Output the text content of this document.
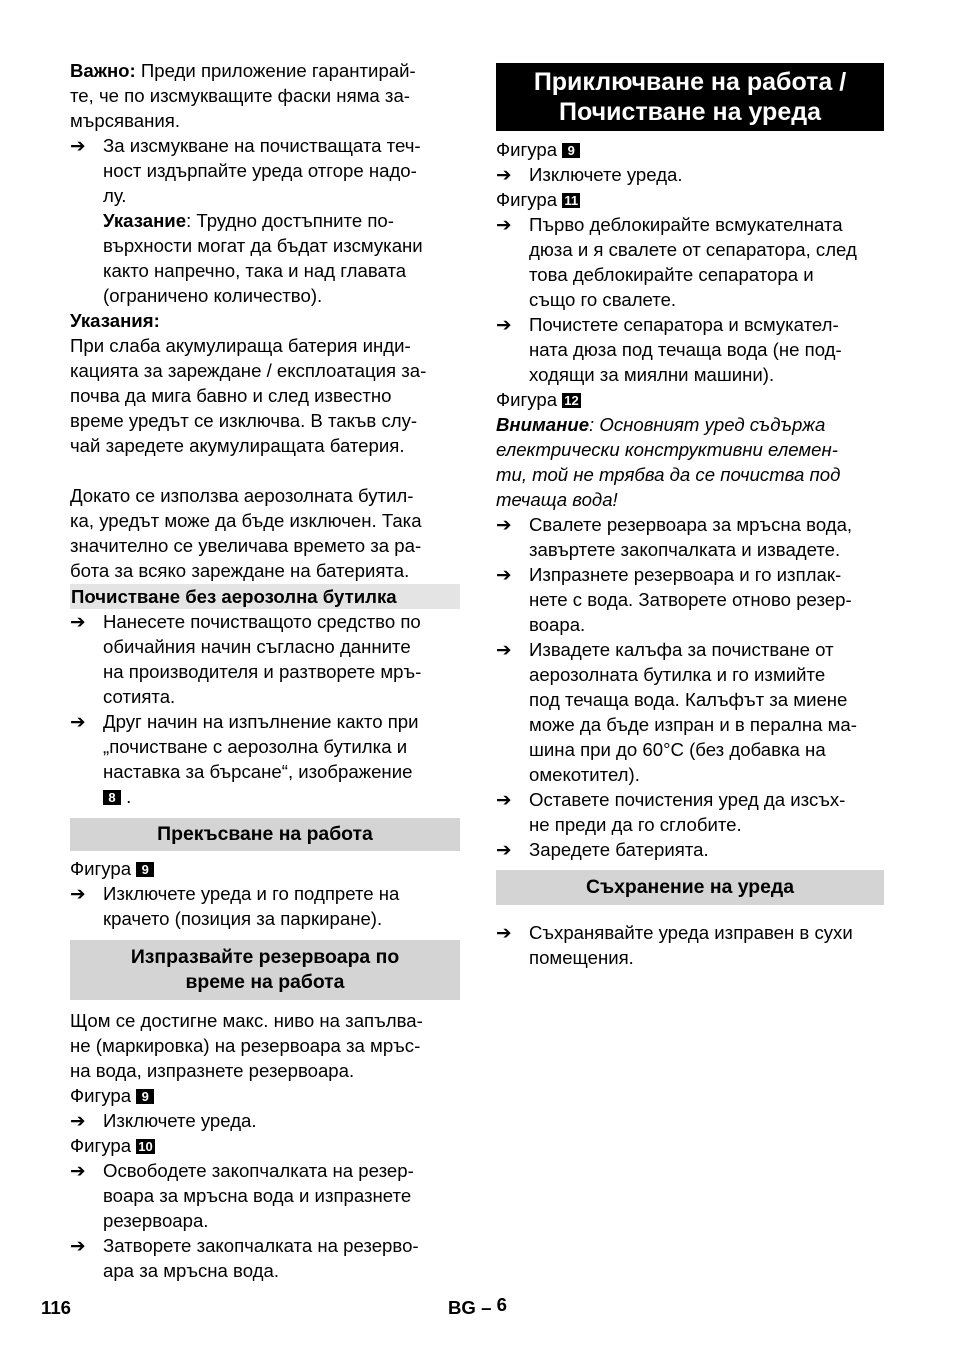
Важно: Преди приложение гарантирай-
те, че по изсмукващите фаски няма за-
мърсявания.

➔ За изсмукване на почистващата теч-
ност издърпайте уреда отгоре надо-
лу.

Указание: Трудно достъпните по-
върхности могат да бъдат изсмукани
както напречно, така и над главата
(ограничено количество).

Указания:

При слаба акумулираща батерия инди-
кацията за зареждане / експлоатация за-
почва да мига бавно и след известно
време уредът се изключва. В такъв слу-
чай заредете акумулиращата батерия.

Докато се използва аерозолната бутил-
ка, уредът може да бъде изключен. Така
значително се увеличава времето за ра-
бота за всяко зареждане на батерията.

Почистване без аерозолна бутилка
➔ Нанесете почистващото средство по
обичайния начин съгласно данните
на производителя и разтворете мръ-
сотията.
➔ Друг начин на изпълнение както при
„почистване с аерозолна бутилка и
наставка за бърсане“, изображение
8 .
Прекъсване на работа

Фигура 9

➔ Изключете уреда и го подпрете на
крачето (позиция за паркиране).
Изпразвайте резервоара по
време на работа

Щом се достигне макс. ниво на запълва-
не (маркировка) на резервоара за мръс-
на вода, изпразнете резервоара.

Фигура 9

➔ Изключете уреда.

Фигура 10

➔ Освободете закопчалката на резер-
воара за мръсна вода и изпразнете
резервоара.
➔ Затворете закопчалката на резерво-
ара за мръсна вода.
Приключване на работа /
Почистване на уреда

Фигура 9

➔ Изключете уреда.

Фигура 11

➔ Първо деблокирайте всмукателната
дюза и я свалете от сепаратора, след
това деблокирайте сепаратора и
също го свалете.
➔ Почистете сепаратора и всмукател-
ната дюза под течаща вода (не под-
ходящи за миялни машини).

Фигура 12

Внимание: Основният уред съдържа
електрически конструктивни елемен-
ти, той не трябва да се почиства под
течаща вода!

➔ Свалете резервоара за мръсна вода,
завъртете закопчалката и извадете.
➔ Изпразнете резервоара и го изплак-
нете с вода. Затворете отново резер-
воара.
➔ Извадете калъфа за почистване от
аерозолната бутилка и го измийте
под течаща вода. Калъфът за миене
може да бъде изпран и в перална ма-
шина при до 60°C (без добавка на
омекотител).
➔ Оставете почистения уред да изсъх-
не преди да го сглобите.
➔ Заредете батерията.
Съхранение на уреда
➔ Съхранявайте уреда изправен в сухи
помещения.
116	BG – 6
